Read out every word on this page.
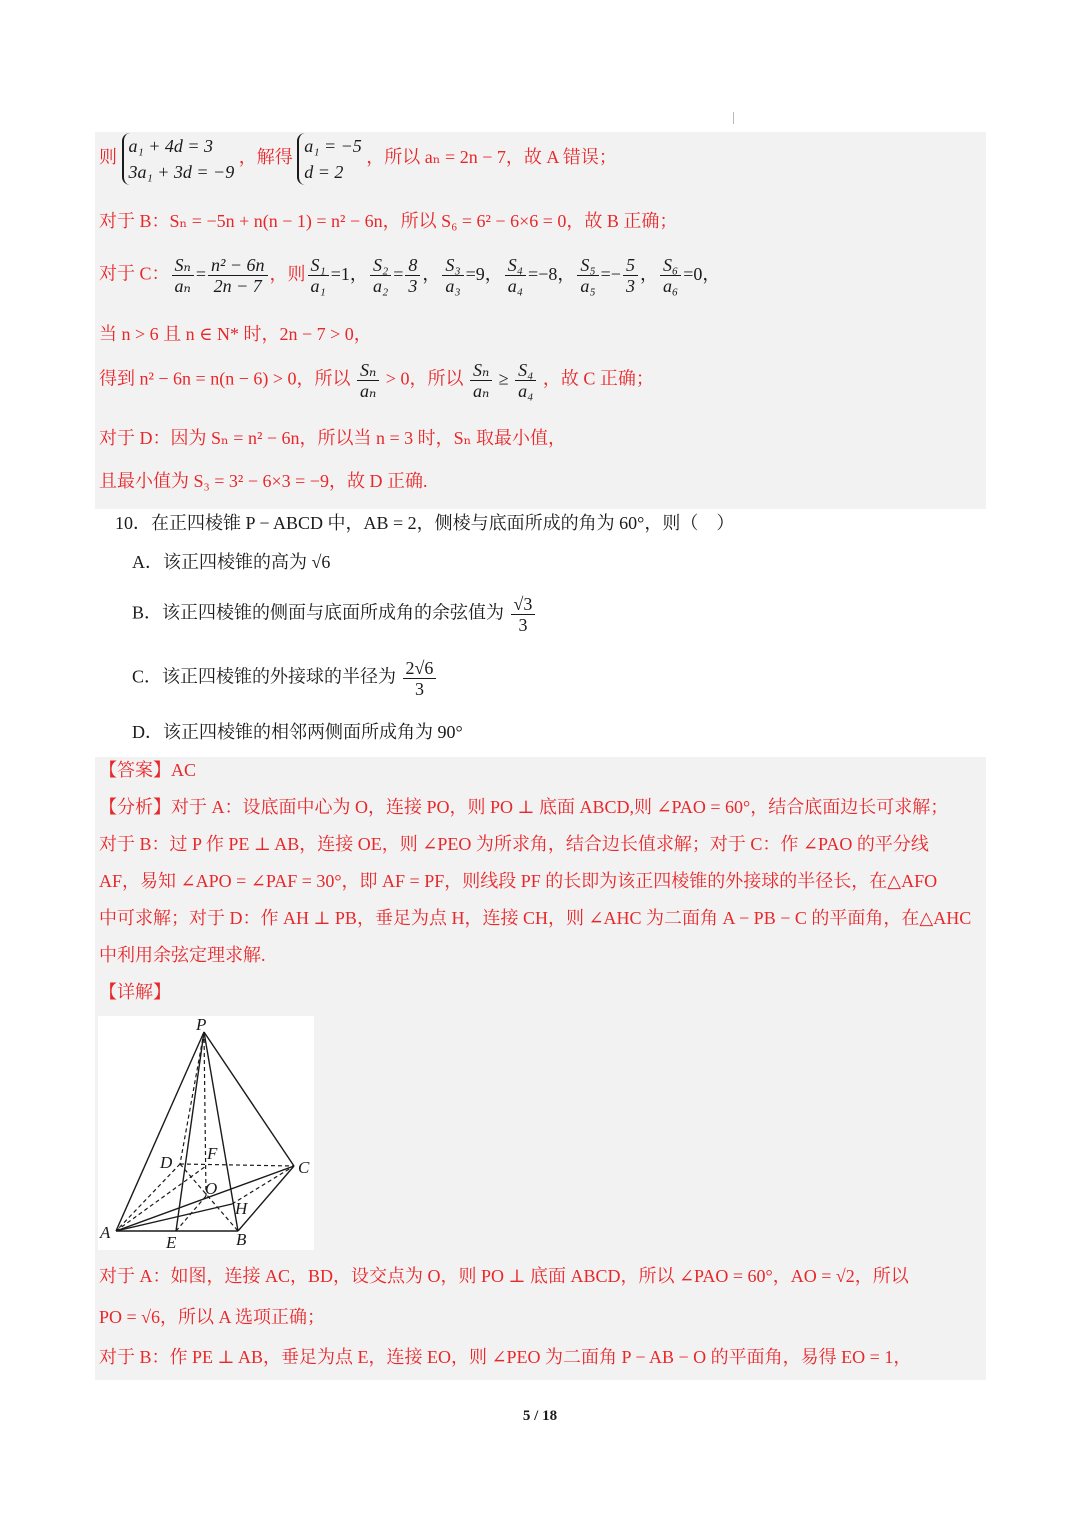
则
a₁ + 4d = 3
3a₁ + 3d = −9
，解得
a₁ = −5
d = 2
，所以 aₙ = 2n − 7，故 A 错误；
对于 B：Sₙ = −5n + n(n − 1) = n² − 6n，所以 S₆ = 6² − 6×6 = 0，故 B 正确；
对于 C： $\frac{\text{Sₙ}}{\text{aₙ}} = \frac{\text{n² − 6n}}{2n - 7}$ ，则 $\frac{\text{S₁}}{\text{a₁}} =1$， $\frac{\text{S₂}}{\text{a₂}} = \frac{8}{3}$ ， $\frac{\text{S₃}}{\text{a₃}} =9$， $\frac{\text{S₄}}{\text{a₄}} =-8$， $\frac{\text{S₅}}{\text{a₅}} =- \frac{5}{3}$ ， $\frac{\text{S₆}}{\text{a₆}} =0$，
当 n > 6 且 n ∈ N* 时，2n − 7 > 0，
得到 n² − 6n = n(n − 6) > 0，所以 $\frac{\text{Sₙ}}{\text{aₙ}} > 0$，所以 $\frac{\text{Sₙ}}{\text{aₙ}} \ge \frac{\text{S₄}}{\text{a₄}}$ ，故 C 正确；
对于 D：因为 Sₙ = n² − 6n，所以当 n = 3 时，Sₙ 取最小值，
且最小值为 S₃ = 3² − 6×3 = −9，故 D 正确.
10．在正四棱锥 P − ABCD 中，AB = 2，侧棱与底面所成的角为 60°，则（　）
A．该正四棱锥的高为 √6
B．该正四棱锥的侧面与底面所成角的余弦值为 $\frac{√3}{3}$
C．该正四棱锥的外接球的半径为 $\frac{2√6}{3}$
D．该正四棱锥的相邻两侧面所成角为 90°
【答案】AC
【分析】对于 A：设底面中心为 O，连接 PO，则 PO ⊥ 底面 ABCD,则 ∠PAO = 60°，结合底面边长可求解；
对于 B：过 P 作 PE ⊥ AB，连接 OE，则 ∠PEO 为所求角，结合边长值求解；对于 C：作 ∠PAO 的平分线
AF，易知 ∠APO = ∠PAF = 30°，即 AF = PF，则线段 PF 的长即为该正四棱锥的外接球的半径长，在△AFO
中可求解；对于 D：作 AH ⊥ PB，垂足为点 H，连接 CH，则 ∠AHC 为二面角 A − PB − C 的平面角，在△AHC
中利用余弦定理求解.
【详解】
P
D F
C
O
H
A
E	B
对于 A：如图，连接 AC，BD，设交点为 O，则 PO ⊥ 底面 ABCD，所以 ∠PAO = 60°，AO = √2，所以
PO = √6，所以 A 选项正确；
对于 B：作 PE ⊥ AB，垂足为点 E，连接 EO，则 ∠PEO 为二面角 P − AB − O 的平面角，易得 EO = 1，
5 / 18
